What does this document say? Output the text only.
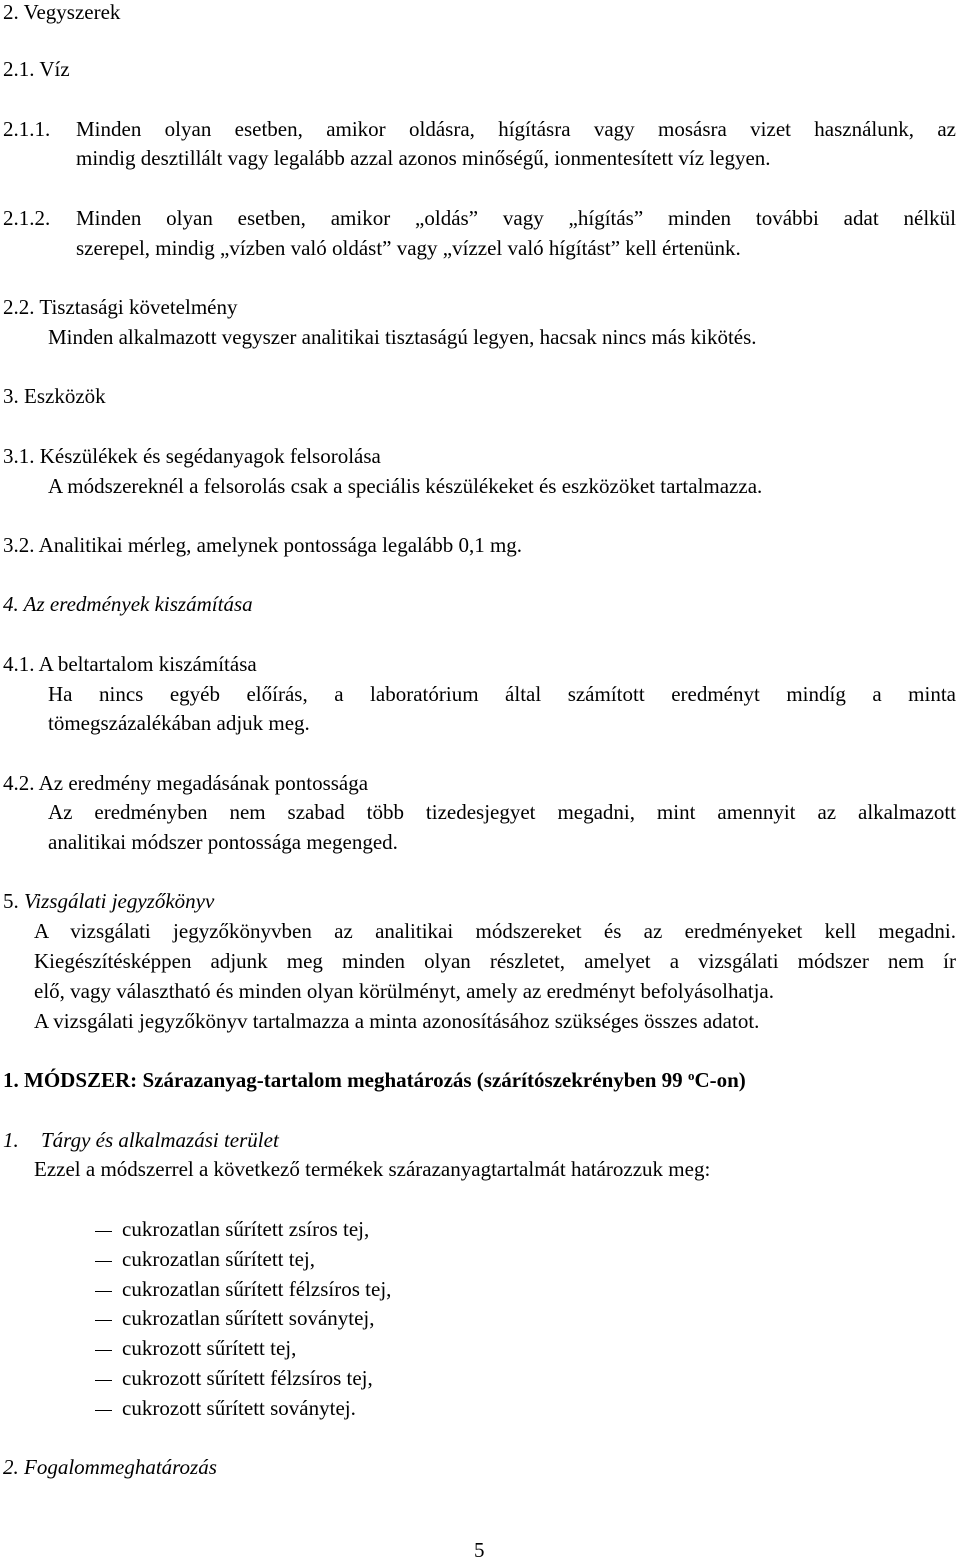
2. Vegyszerek
2.1. Víz
2.1.1. Minden olyan esetben, amikor oldásra, hígításra vagy mosásra vizet használunk, az
mindig desztillált vagy legalább azzal azonos minőségű, ionmentesített víz legyen.
2.1.2. Minden olyan esetben, amikor „oldás” vagy „hígítás” minden további adat nélkül
szerepel, mindig „vízben való oldást” vagy „vízzel való hígítást” kell értenünk.
2.2. Tisztasági követelmény
Minden alkalmazott vegyszer analitikai tisztaságú legyen, hacsak nincs más kikötés.
3. Eszközök
3.1. Készülékek és segédanyagok felsorolása
A módszereknél a felsorolás csak a speciális készülékeket és eszközöket tartalmazza.
3.2. Analitikai mérleg, amelynek pontossága legalább 0,1 mg.
4. Az eredmények kiszámítása
4.1. A beltartalom kiszámítása
Ha nincs egyéb előírás, a laboratórium által számított eredményt mindíg a minta
tömegszázalékában adjuk meg.
4.2. Az eredmény megadásának pontossága
Az eredményben nem szabad több tizedesjegyet megadni, mint amennyit az alkalmazott
analitikai módszer pontossága megenged.
5. Vizsgálati jegyzőkönyv
A vizsgálati jegyzőkönyvben az analitikai módszereket és az eredményeket kell megadni.
Kiegészítésképpen adjunk meg minden olyan részletet, amelyet a vizsgálati módszer nem ír
elő, vagy választható és minden olyan körülményt, amely az eredményt befolyásolhatja.
A vizsgálati jegyzőkönyv tartalmazza a minta azonosításához szükséges összes adatot.
1. MÓDSZER: Szárazanyag-tartalom meghatározás (szárítószekrényben 99 $^o$C-on)
1. Tárgy és alkalmazási terület
Ezzel a módszerrel a következő termékek szárazanyagtartalmát határozzuk meg:
cukrozatlan sűrített zsíros tej,
cukrozatlan sűrített tej,
cukrozatlan sűrített félzsíros tej,
cukrozatlan sűrített soványtej,
cukrozott sűrített tej,
cukrozott sűrített félzsíros tej,
cukrozott sűrített soványtej.
2. Fogalommeghatározás
5
